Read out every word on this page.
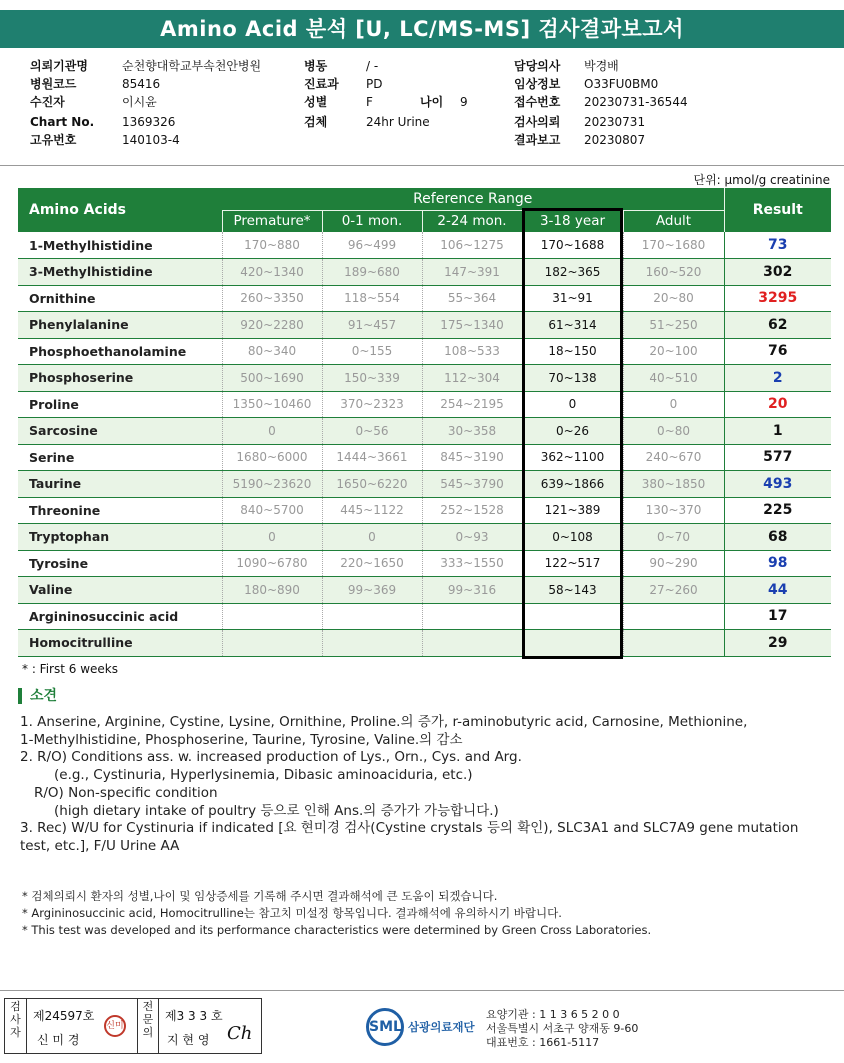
Amino Acid 분석 [U, LC/MS-MS] 검사결과보고서
의뢰기관명	순천향대학교부속천안병원	병동	/ -	담당의사 박경배
병원코드	85416	진료과 PD	임상정보 O33FU0BM0
수진자	이시윤	성별	F	나이 9	접수번호 20230731-36544
Chart No. 1369326	검체	24hr Urine	검사의뢰 20230731
고유번호	140103-4	결과보고 20230807
단위: μmol/g creatinine
Amino Acids	Reference Range					Result
	Premature*	0-1 mon.	2-24 mon.	3-18 year	Adult	
1-Methylhistidine	170~880	96~499	106~1275	170~1688	170~1680	73
3-Methylhistidine	420~1340	189~680	147~391	182~365	160~520	302
Ornithine	260~3350	118~554	55~364	31~91	20~80	3295
Phenylalanine	920~2280	91~457	175~1340	61~314	51~250	62
Phosphoethanolamine	80~340	0~155	108~533	18~150	20~100	76
Phosphoserine	500~1690	150~339	112~304	70~138	40~510	2
Proline	1350~10460	370~2323	254~2195	0	0	20
Sarcosine	0	0~56	30~358	0~26	0~80	1
Serine	1680~6000	1444~3661	845~3190	362~1100	240~670	577
Taurine	5190~23620	1650~6220	545~3790	639~1866	380~1850	493
Threonine	840~5700	445~1122	252~1528	121~389	130~370	225
Tryptophan	0	0	0~93	0~108	0~70	68
Tyrosine	1090~6780	220~1650	333~1550	122~517	90~290	98
Valine	180~890	99~369	99~316	58~143	27~260	44
Argininosuccinic acid						17
Homocitrulline						29
* : First 6 weeks
소견

1. Anserine, Arginine, Cystine, Lysine, Ornithine, Proline.의 증가, r-aminobutyric acid, Carnosine, Methionine,

1-Methylhistidine, Phosphoserine, Taurine, Tyrosine, Valine.의 감소

2. R/O) Conditions ass. w. increased production of Lys., Orn., Cys. and Arg.

(e.g., Cystinuria, Hyperlysinemia, Dibasic aminoaciduria, etc.)

R/O) Non-specific condition

(high dietary intake of poultry 등으로 인해 Ans.의 증가가 가능합니다.)

3. Rec) W/U for Cystinuria if indicated [요 현미경 검사(Cystine crystals 등의 확인), SLC3A1 and SLC7A9 gene mutation

test, etc.], F/U Urine AA

* 검체의뢰시 환자의 성별,나이 및 임상증세를 기록해 주시면 결과해석에 큰 도움이 되겠습니다.

* Argininosuccinic acid, Homocitrulline는 참고치 미설정 항목입니다. 결과해석에 유의하시기 바랍니다.

* This test was developed and its performance characteristics were determined by Green Cross Laboratories.

검사자
제24597호
신 미 경
신미
전문의
제3 3 3 호
지 현 영 Ch	SML 삼광의료재단

요양기관 : 1 1 3 6 5 2 0 0

서울특별시 서초구 양재동 9-60

대표번호 : 1661-5117
